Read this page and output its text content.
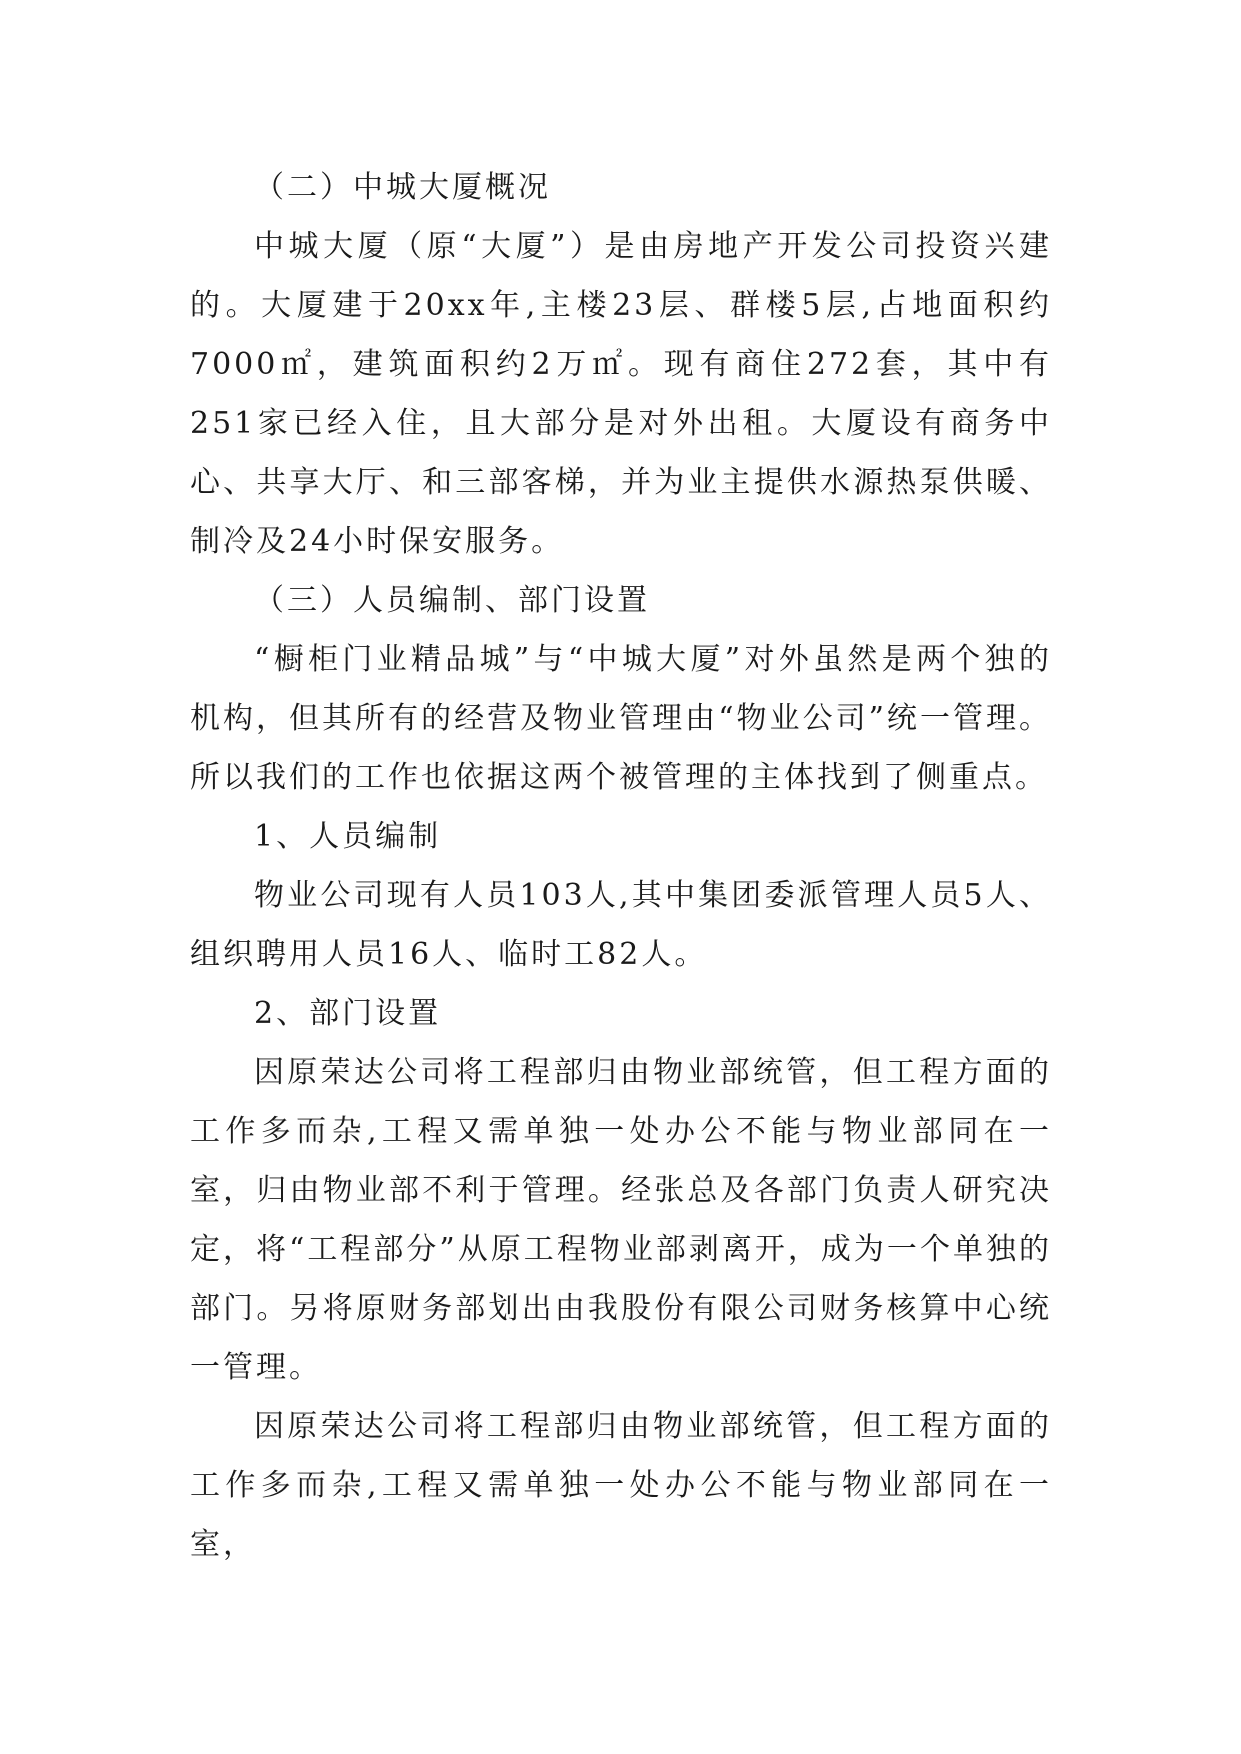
（二）中城大厦概况

中城大厦（原“大厦”）是由房地产开发公司投资兴建的。大厦建于20xx年,主楼23层、群楼5层,占地面积约7000㎡，建筑面积约2万㎡。现有商住272套，其中有251家已经入住，且大部分是对外出租。大厦设有商务中心、共享大厅、和三部客梯，并为业主提供水源热泵供暖、制冷及24小时保安服务。

（三）人员编制、部门设置

“橱柜门业精品城”与“中城大厦”对外虽然是两个独的机构，但其所有的经营及物业管理由“物业公司”统一管理。所以我们的工作也依据这两个被管理的主体找到了侧重点。

1、人员编制

物业公司现有人员103人,其中集团委派管理人员5人、组织聘用人员16人、临时工82人。

2、部门设置

因原荣达公司将工程部归由物业部统管，但工程方面的工作多而杂,工程又需单独一处办公不能与物业部同在一室，归由物业部不利于管理。经张总及各部门负责人研究决定，将“工程部分”从原工程物业部剥离开，成为一个单独的部门。另将原财务部划出由我股份有限公司财务核算中心统一管理。

因原荣达公司将工程部归由物业部统管，但工程方面的工作多而杂,工程又需单独一处办公不能与物业部同在一室，
